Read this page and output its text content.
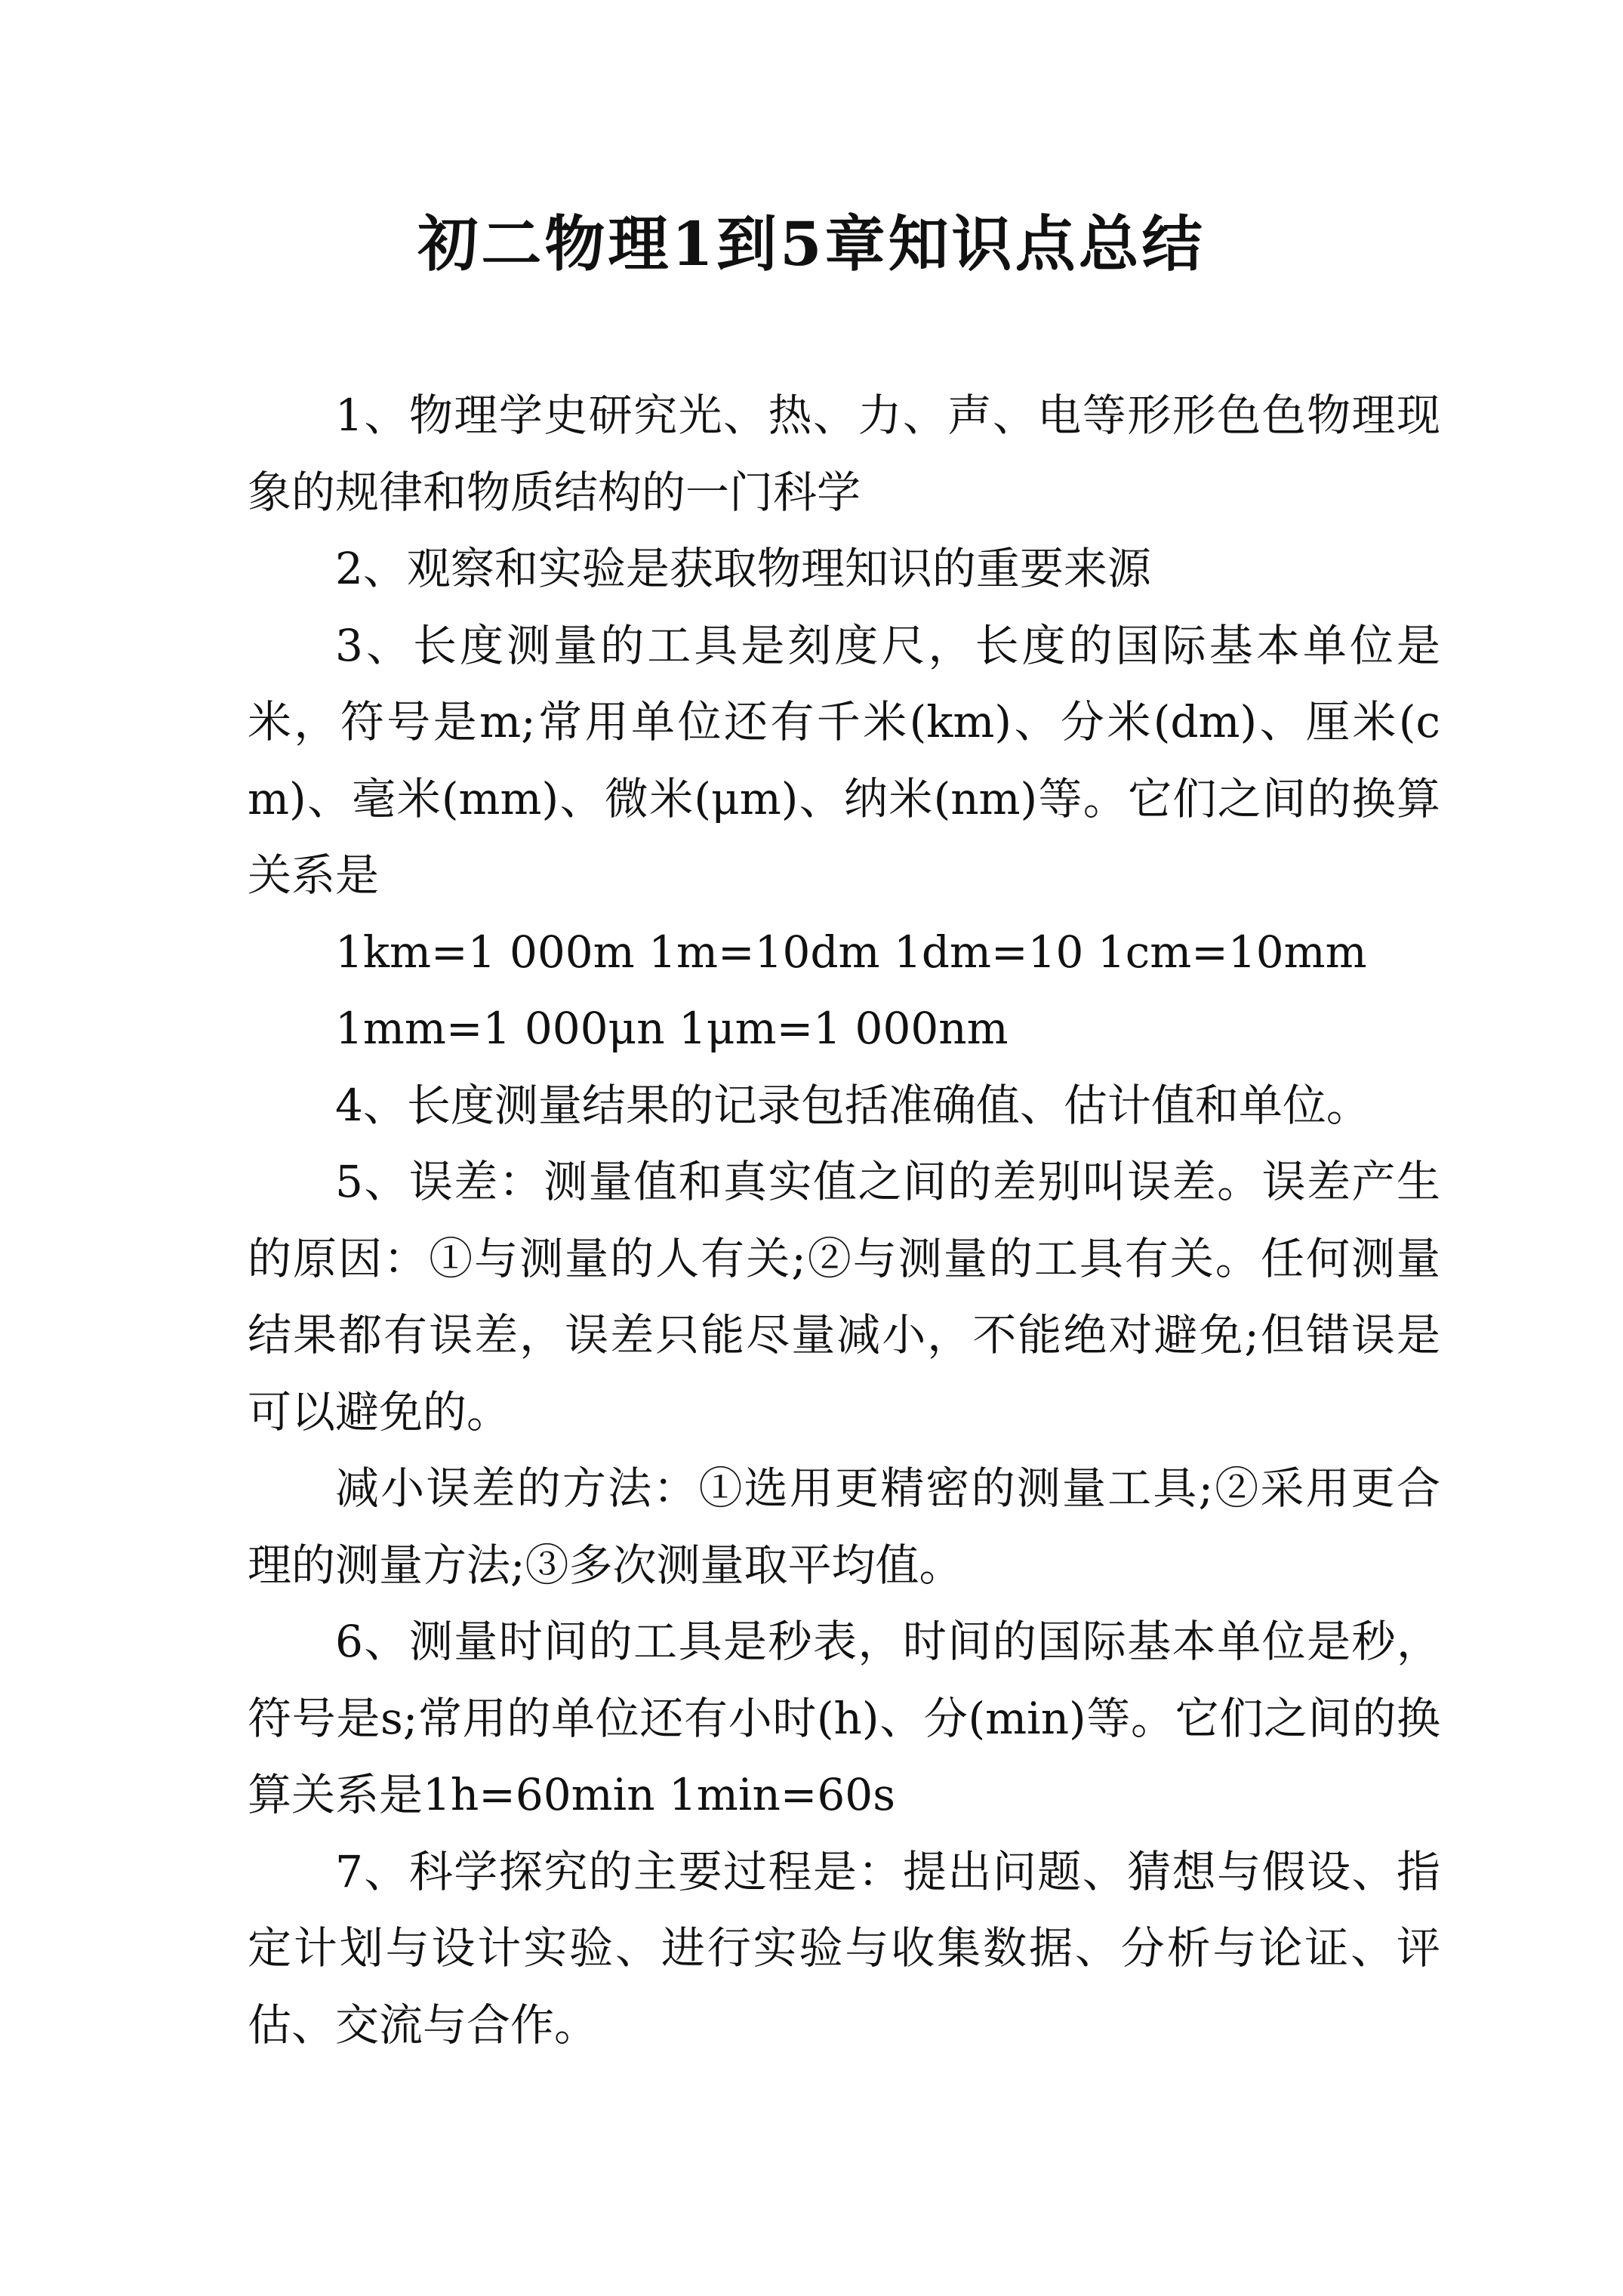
初二物理1到5章知识点总结

1、物理学史研究光、热、力、声、电等形形色色物理现象的规律和物质结构的一门科学

2、观察和实验是获取物理知识的重要来源

3、长度测量的工具是刻度尺，长度的国际基本单位是米，符号是m;常用单位还有千米(km)、分米(dm)、厘米(cm)、毫米(mm)、微米(μm)、纳米(nm)等。它们之间的换算关系是

1km=1 000m 1m=10dm 1dm=10 1cm=10mm

1mm=1 000μn 1μm=1 000nm

4、长度测量结果的记录包括准确值、估计值和单位。

5、误差：测量值和真实值之间的差别叫误差。误差产生的原因：①与测量的人有关;②与测量的工具有关。任何测量结果都有误差，误差只能尽量减小，不能绝对避免;但错误是可以避免的。

减小误差的方法：①选用更精密的测量工具;②采用更合理的测量方法;③多次测量取平均值。

6、测量时间的工具是秒表，时间的国际基本单位是秒，符号是s;常用的单位还有小时(h)、分(min)等。它们之间的换算关系是1h=60min 1min=60s

7、科学探究的主要过程是：提出问题、猜想与假设、指定计划与设计实验、进行实验与收集数据、分析与论证、评估、交流与合作。
